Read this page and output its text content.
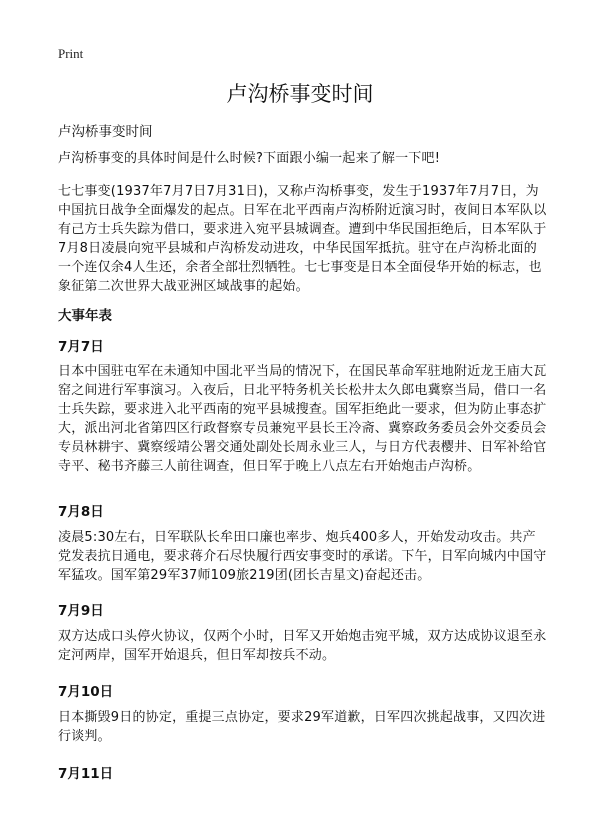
Print
卢沟桥事变时间

卢沟桥事变时间

卢沟桥事变的具体时间是什么时候?下面跟小编一起来了解一下吧!

七七事变(1937年7月7日7月31日)，又称卢沟桥事变，发生于1937年7月7日，为中国抗日战争全面爆发的起点。日军在北平西南卢沟桥附近演习时，夜间日本军队以有己方士兵失踪为借口，要求进入宛平县城调查。遭到中华民国拒绝后，日本军队于7月8日凌晨向宛平县城和卢沟桥发动进攻，中华民国军抵抗。驻守在卢沟桥北面的一个连仅余4人生还，余者全部壮烈牺牲。七七事变是日本全面侵华开始的标志，也象征第二次世界大战亚洲区域战事的起始。

大事年表
7月7日

日本中国驻屯军在未通知中国北平当局的情况下，在国民革命军驻地附近龙王庙大瓦窑之间进行军事演习。入夜后，日北平特务机关长松井太久郎电冀察当局，借口一名士兵失踪，要求进入北平西南的宛平县城搜查。国军拒绝此一要求，但为防止事态扩大，派出河北省第四区行政督察专员兼宛平县长王冷斋、冀察政务委员会外交委员会专员林耕宇、冀察绥靖公署交通处副处长周永业三人，与日方代表樱井、日军补给官寺平、秘书齐藤三人前往调查，但日军于晚上八点左右开始炮击卢沟桥。

7月8日

凌晨5:30左右，日军联队长牟田口廉也率步、炮兵400多人，开始发动攻击。共产党发表抗日通电，要求蒋介石尽快履行西安事变时的承诺。下午，日军向城内中国守军猛攻。国军第29军37师109旅219团(团长吉星文)奋起还击。

7月9日

双方达成口头停火协议，仅两个小时，日军又开始炮击宛平城，双方达成协议退至永定河两岸，国军开始退兵，但日军却按兵不动。

7月10日

日本撕毁9日的协定，重提三点协定，要求29军道歉，日军四次挑起战事，又四次进行谈判。

7月11日
